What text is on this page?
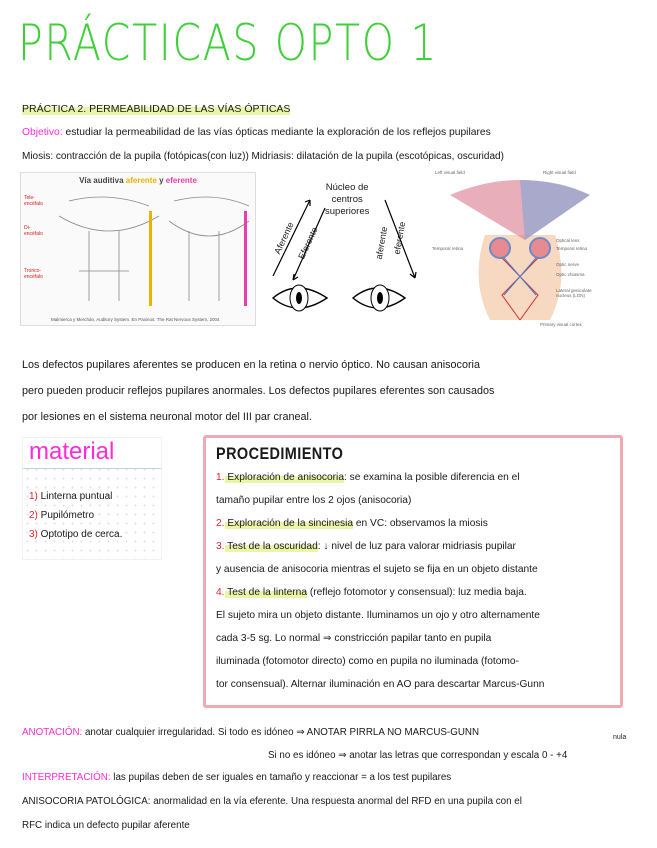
PRÁCTICAS OPTO 1
PRÁCTICA 2. PERMEABILIDAD DE LAS VÍAS ÓPTICAS
Objetivo: estudiar la permeabilidad de las vías ópticas mediante la exploración de los reflejos pupilares
Miosis: contracción de la pupila (fotópicas(con luz)) Midriasis: dilatación de la pupila (escotópicas, oscuridad)
Vía auditiva aferente y eferente
Tele-encéfalo
Di-encéfalo
Tronco-encéfalo
Malmierca y Merchán, Auditory System. En Paxinos: The Rat Nervous System, 2004
Núcleo de
centros
superiores
Aferente Eferente	aferente eferente
Left visual field	Right visual field
Optical lens
Temporal retina	Temporal retina
Optic nerve
Optic chiasma
Lateral geniculate nucleus (LGN)
Primary visual cortex
Los defectos pupilares aferentes se producen en la retina o nervio óptico. No causan anisocoria
pero pueden producir reflejos pupilares anormales. Los defectos pupilares eferentes son causados
por lesiones en el sistema neuronal motor del III par craneal.
material
1) Linterna puntual
2) Pupilómetro
3) Optotipo de cerca.
PROCEDIMIENTO
1. Exploración de anisocoria: se examina la posible diferencia en el
tamaño pupilar entre los 2 ojos (anisocoria)
2. Exploración de la sincinesia en VC: observamos la miosis
3. Test de la oscuridad: ↓ nivel de luz para valorar midriasis pupilar
y ausencia de anisocoria mientras el sujeto se fija en un objeto distante
4. Test de la linterna (reflejo fotomotor y consensual): luz media baja.
El sujeto mira un objeto distante. Iluminamos un ojo y otro alternamente
cada 3-5 sg. Lo normal ⇒ constricción papilar tanto en pupila
iluminada (fotomotor directo) como en pupila no iluminada (fotomo-
tor consensual). Alternar iluminación en AO para descartar Marcus-Gunn
ANOTACIÓN: anotar cualquier irregularidad. Si todo es idóneo ⇒ ANOTAR PIRRLA NO MARCUS-GUNN	nula
Si no es idóneo ⇒ anotar las letras que correspondan y escala 0 - +4
INTERPRETACIÓN: las pupilas deben de ser iguales en tamaño y reaccionar = a los test pupilares
ANISOCORIA PATOLÓGICA: anormalidad en la vía eferente. Una respuesta anormal del RFD en una pupila con el
RFC indica un defecto pupilar aferente
